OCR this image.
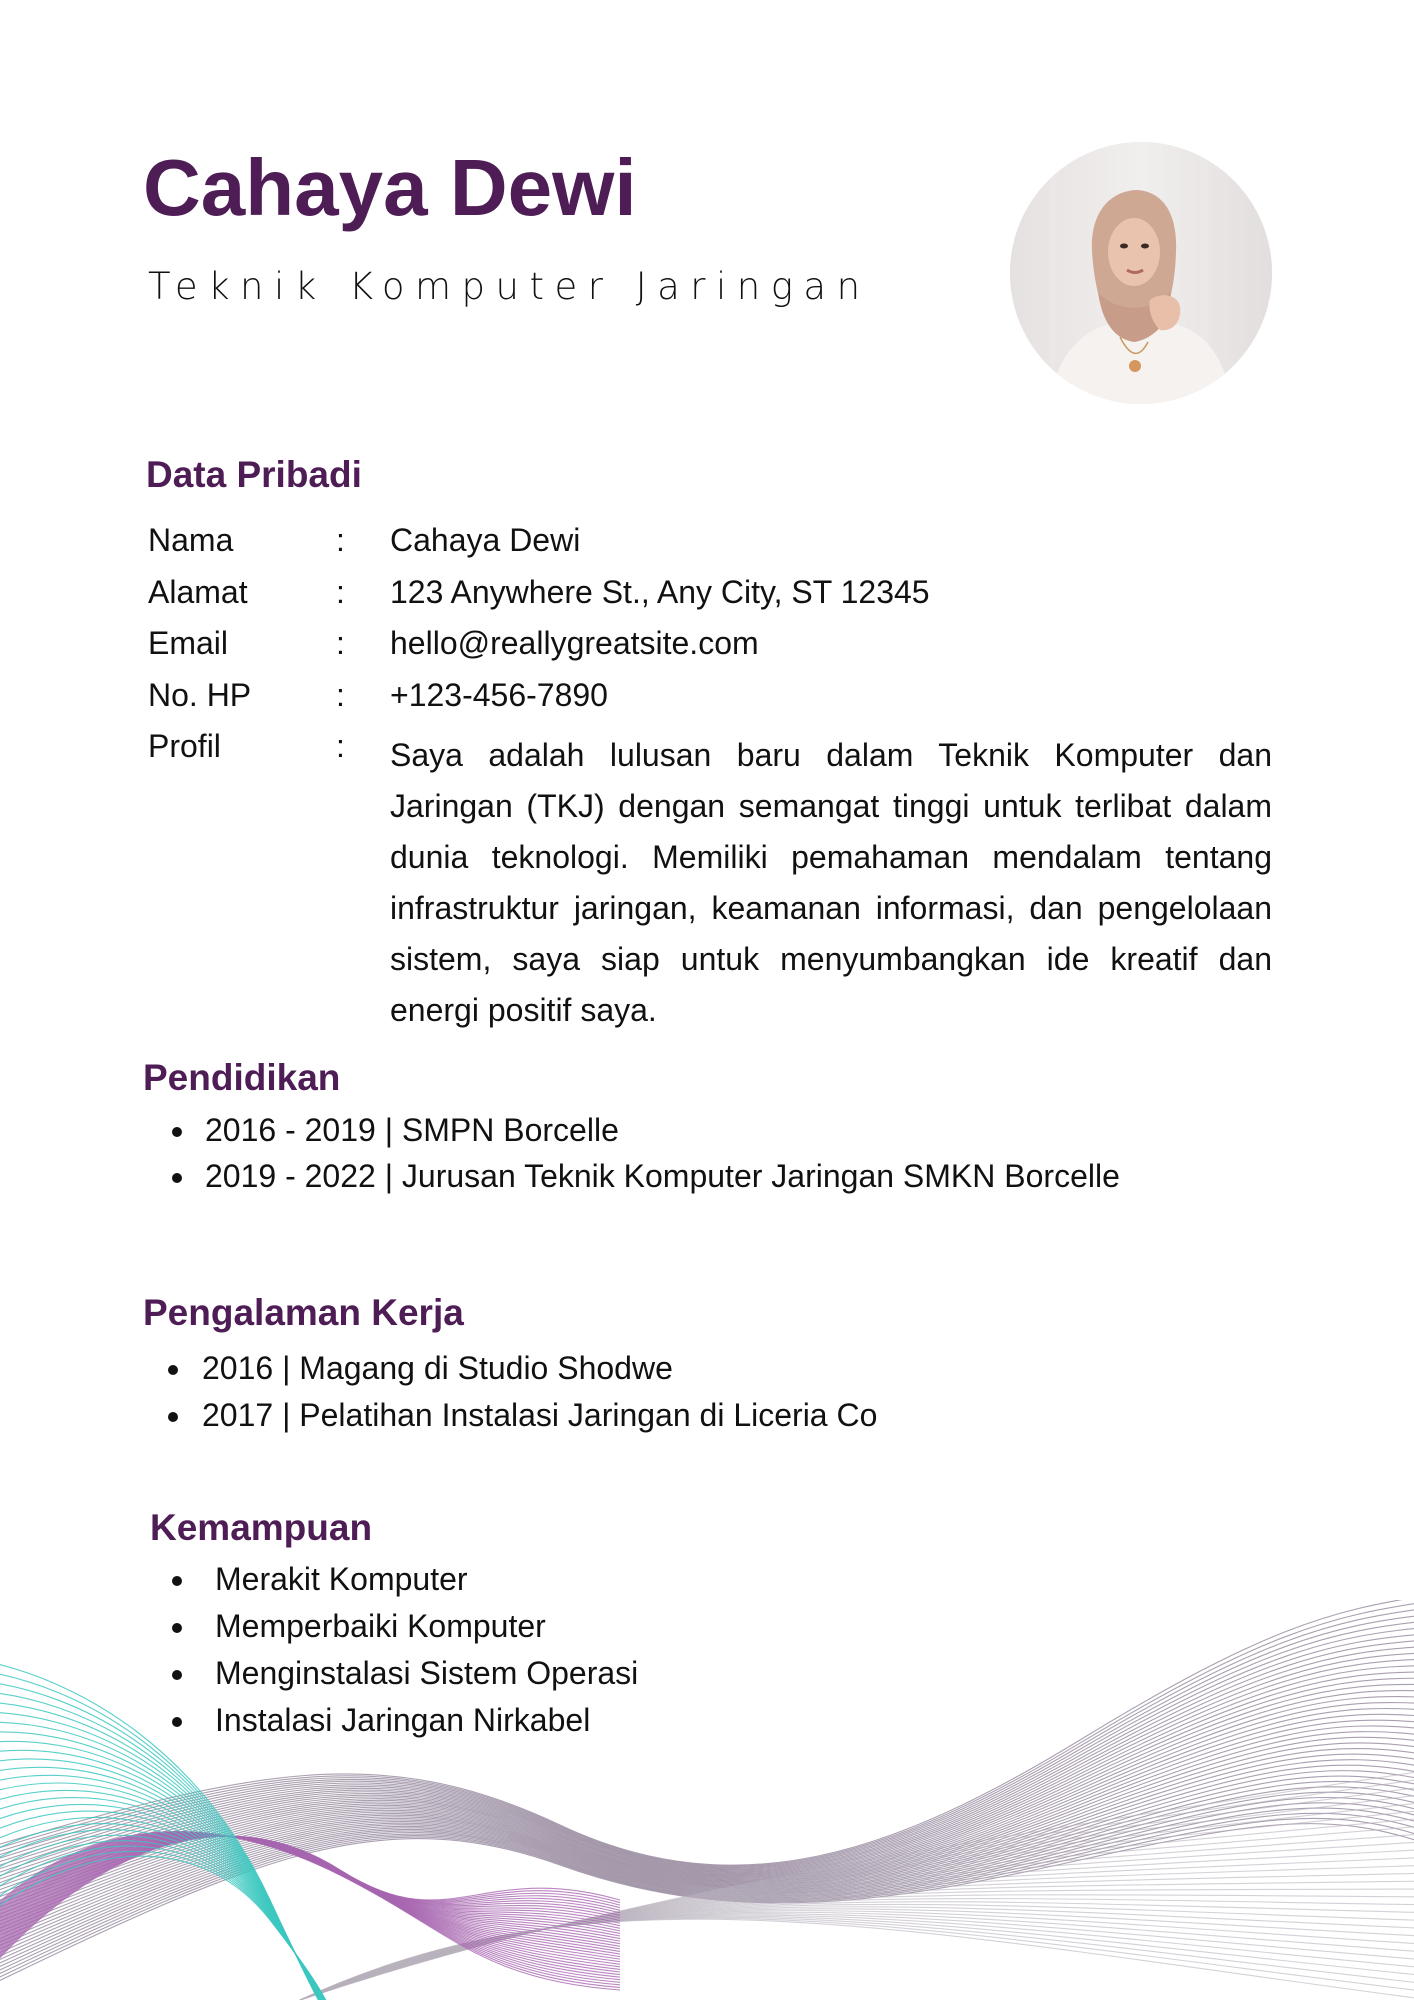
Cahaya Dewi
Teknik Komputer Jaringan
Data Pribadi
Nama	: Cahaya Dewi
Alamat	: 123 Anywhere St., Any City, ST 12345
Email	: hello@reallygreatsite.com
No. HP	: +123-456-7890
Profil	: Saya adalah lulusan baru dalam Teknik Komputer dan Jaringan (TKJ) dengan semangat tinggi untuk terlibat dalam dunia teknologi. Memiliki pemahaman mendalam tentang infrastruktur jaringan, keamanan informasi, dan pengelolaan sistem, saya siap untuk menyumbangkan ide kreatif dan energi positif saya.
Pendidikan
2016 - 2019 | SMPN Borcelle
2019 - 2022 | Jurusan Teknik Komputer Jaringan SMKN Borcelle
Pengalaman Kerja
2016 | Magang di Studio Shodwe
2017 | Pelatihan Instalasi Jaringan di Liceria Co
Kemampuan
Merakit Komputer
Memperbaiki Komputer
Menginstalasi Sistem Operasi
Instalasi Jaringan Nirkabel
